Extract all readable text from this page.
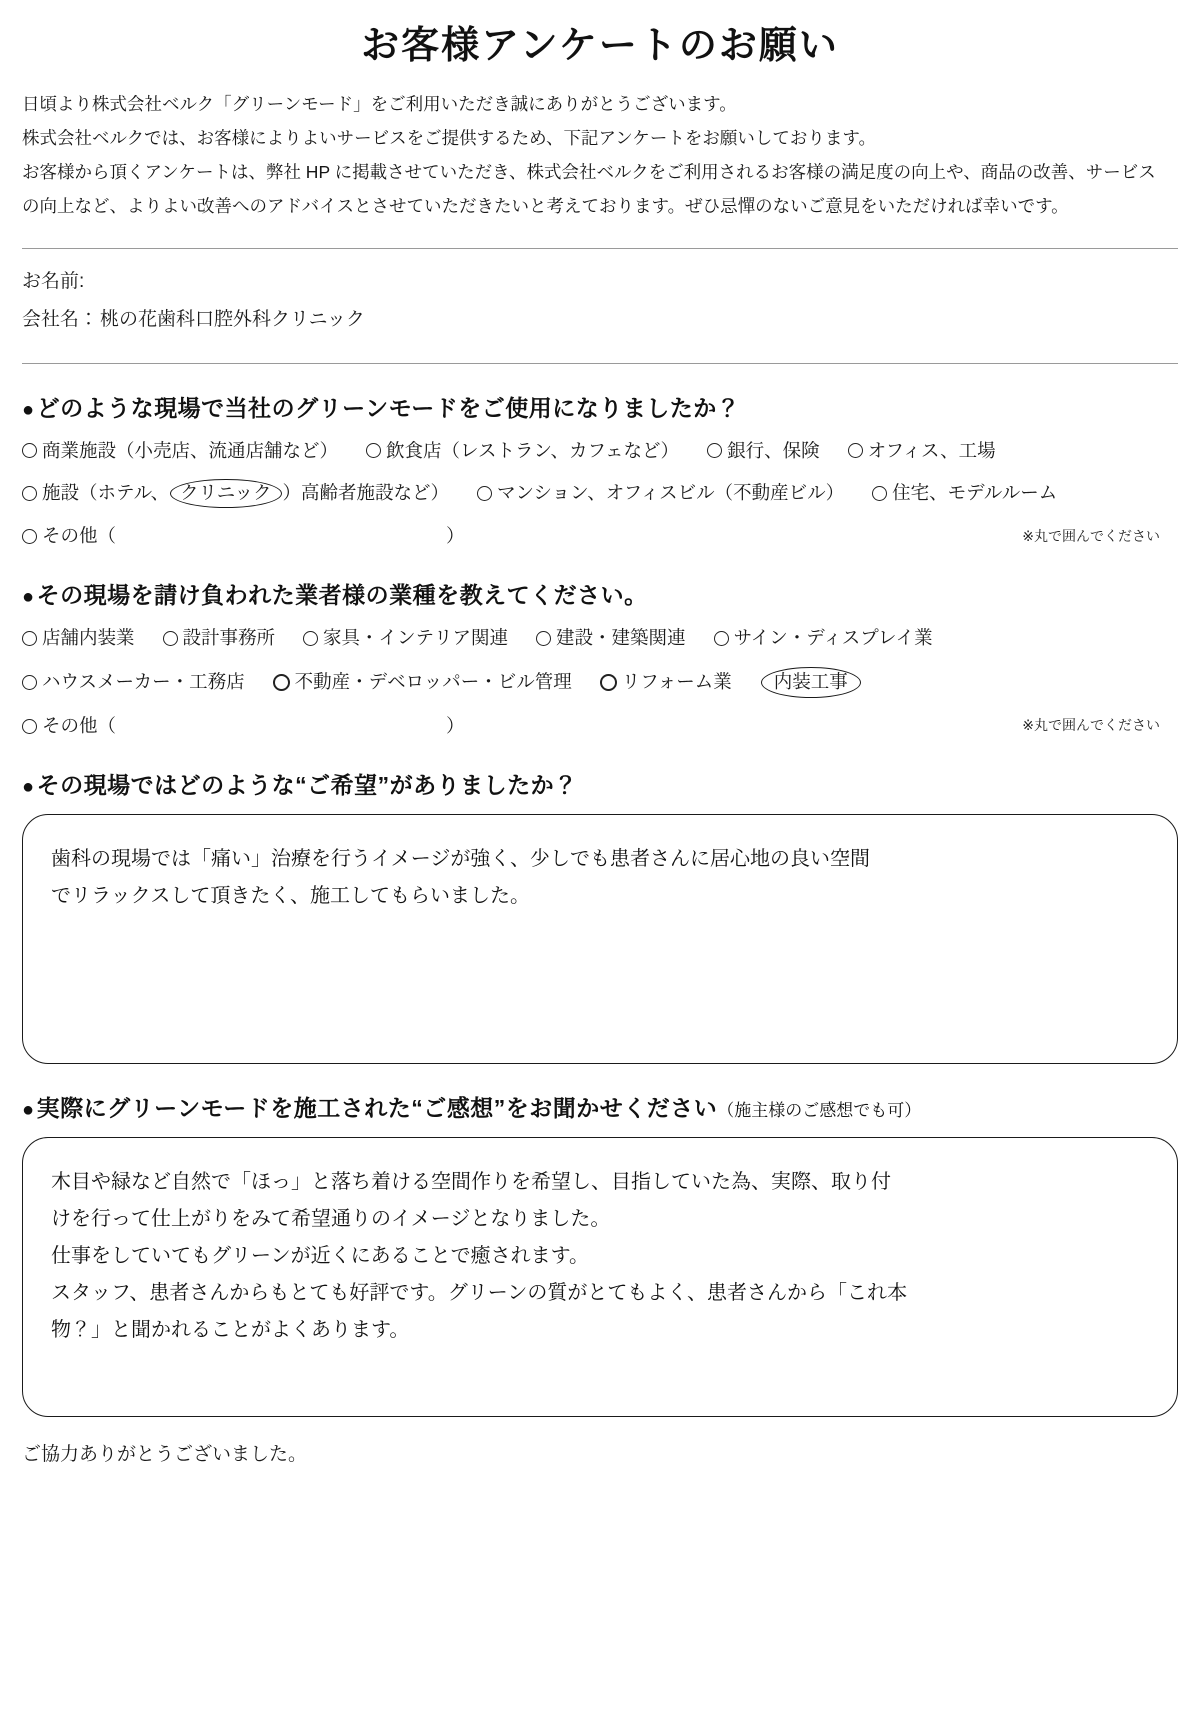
お客様アンケートのお願い

日頃より株式会社ベルク「グリーンモード」をご利用いただき誠にありがとうございます。

株式会社ベルクでは、お客様によりよいサービスをご提供するため、下記アンケートをお願いしております。

お客様から頂くアンケートは、弊社 HP に掲載させていただき、株式会社ベルクをご利用されるお客様の満足度の向上や、商品の改善、サービスの向上など、よりよい改善へのアドバイスとさせていただきたいと考えております。ぜひ忌憚のないご意見をいただければ幸いです。

お名前:
会社名： 桃の花歯科口腔外科クリニック
●どのような現場で当社のグリーンモードをご使用になりましたか？
商業施設（小売店、流通店舗など）	飲食店（レストラン、カフェなど）	銀行、保険	オフィス、工場
施設（ホテル、 クリニック ）高齢者施設など）	マンション、オフィスビル（不動産ビル）	住宅、モデルルーム
その他（	）	※丸で囲んでください
●その現場を請け負われた業者様の業種を教えてください。
店舗内装業	設計事務所	家具・インテリア関連	建設・建築関連	サイン・ディスプレイ業
ハウスメーカー・工務店	不動産・デベロッパー・ビル管理	リフォーム業	内装工事
その他（	）	※丸で囲んでください
●その現場ではどのような“ご希望”がありましたか？

歯科の現場では「痛い」治療を行うイメージが強く、少しでも患者さんに居心地の良い空間

でリラックスして頂きたく、施工してもらいました。

●実際にグリーンモードを施工された“ご感想”をお聞かせください（施主様のご感想でも可）

木目や緑など自然で「ほっ」と落ち着ける空間作りを希望し、目指していた為、実際、取り付

けを行って仕上がりをみて希望通りのイメージとなりました。

仕事をしていてもグリーンが近くにあることで癒されます。

スタッフ、患者さんからもとても好評です。グリーンの質がとてもよく、患者さんから「これ本

物？」と聞かれることがよくあります。

ご協力ありがとうございました。
